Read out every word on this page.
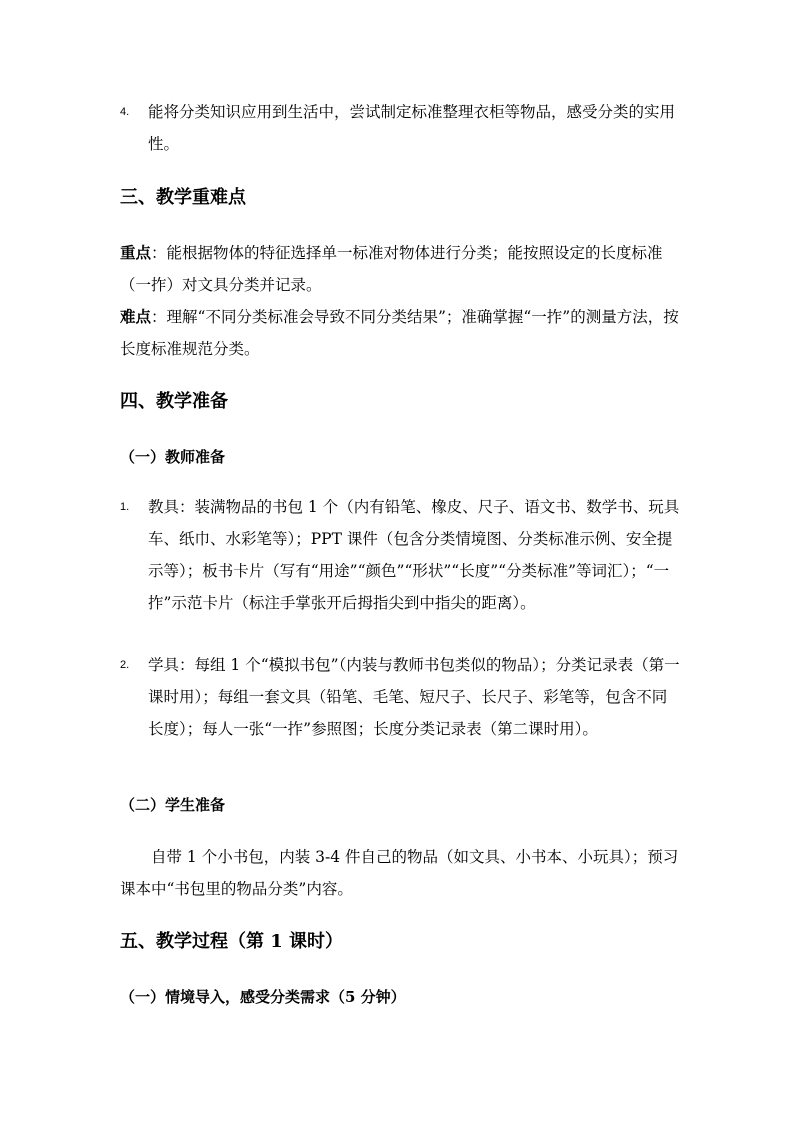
4.	能将分类知识应用到生活中，尝试制定标准整理衣柜等物品，感受分类的实用性。
三、教学重难点

重点：能根据物体的特征选择单一标准对物体进行分类；能按照设定的长度标准（一拃）对文具分类并记录。

难点：理解“不同分类标准会导致不同分类结果”；准确掌握“一拃”的测量方法，按长度标准规范分类。

四、教学准备
（一）教师准备
1.	教具：装满物品的书包 1 个（内有铅笔、橡皮、尺子、语文书、数学书、玩具车、纸巾、水彩笔等）；PPT 课件（包含分类情境图、分类标准示例、安全提示等）；板书卡片（写有“用途”“颜色”“形状”“长度”“分类标准”等词汇）；“一拃”示范卡片（标注手掌张开后拇指尖到中指尖的距离）。
2.	学具：每组 1 个“模拟书包”（内装与教师书包类似的物品）；分类记录表（第一课时用）；每组一套文具（铅笔、毛笔、短尺子、长尺子、彩笔等，包含不同长度）；每人一张“一拃”参照图；长度分类记录表（第二课时用）。
（二）学生准备

自带 1 个小书包，内装 3-4 件自己的物品（如文具、小书本、小玩具）；预习课本中“书包里的物品分类”内容。

五、教学过程（第 1 课时）
（一）情境导入，感受分类需求（5 分钟）
